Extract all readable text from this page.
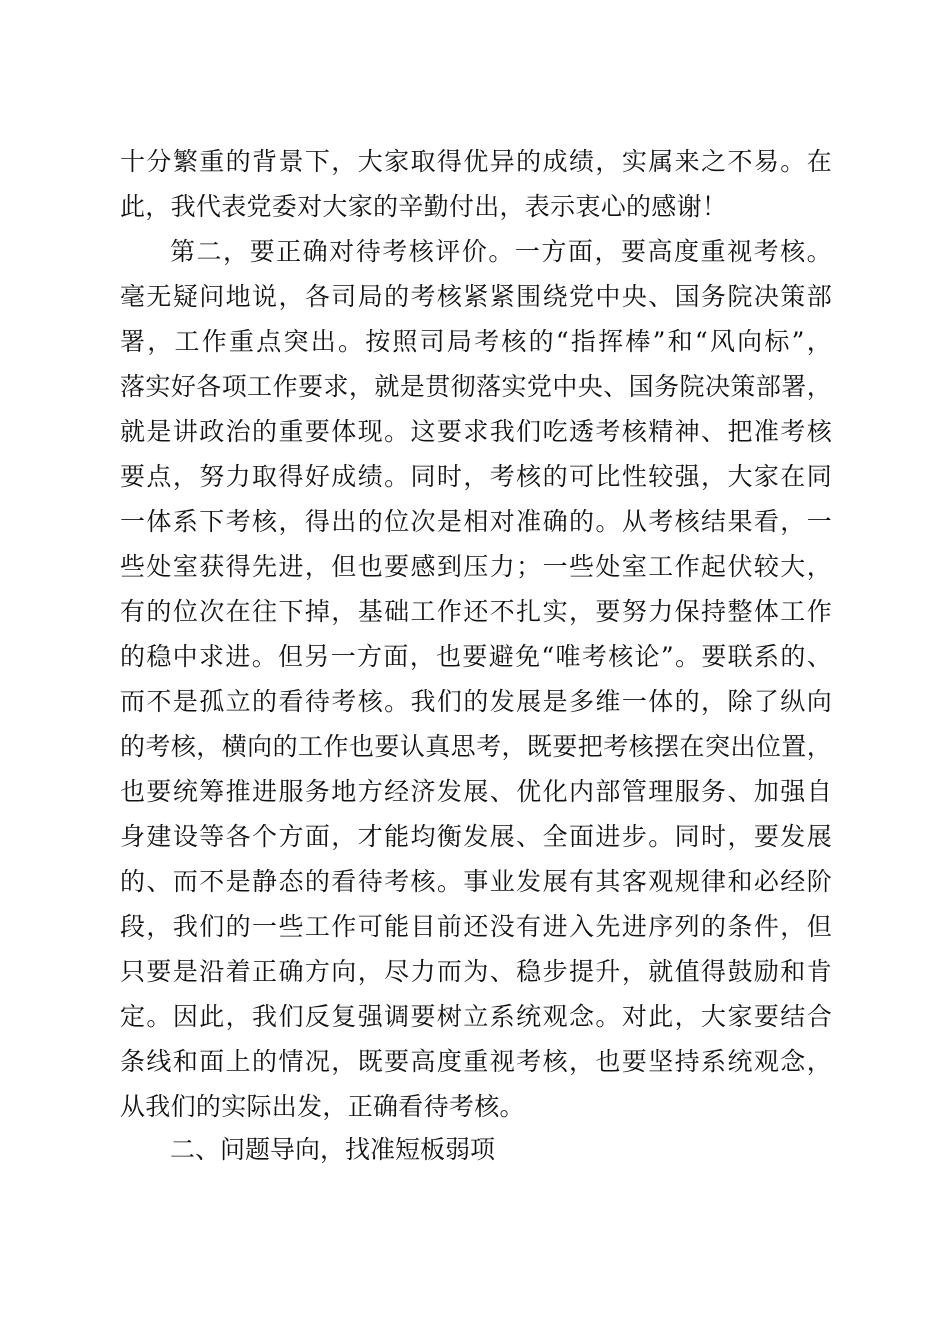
十分繁重的背景下，大家取得优异的成绩，实属来之不易。在
此，我代表党委对大家的辛勤付出，表示衷心的感谢！
第二，要正确对待考核评价。一方面，要高度重视考核。
毫无疑问地说，各司局的考核紧紧围绕党中央、国务院决策部
署，工作重点突出。按照司局考核的“指挥棒”和“风向标”，
落实好各项工作要求，就是贯彻落实党中央、国务院决策部署，
就是讲政治的重要体现。这要求我们吃透考核精神、把准考核
要点，努力取得好成绩。同时，考核的可比性较强，大家在同
一体系下考核，得出的位次是相对准确的。从考核结果看，一
些处室获得先进，但也要感到压力；一些处室工作起伏较大，
有的位次在往下掉，基础工作还不扎实，要努力保持整体工作
的稳中求进。但另一方面，也要避免“唯考核论”。要联系的、
而不是孤立的看待考核。我们的发展是多维一体的，除了纵向
的考核，横向的工作也要认真思考，既要把考核摆在突出位置，
也要统筹推进服务地方经济发展、优化内部管理服务、加强自
身建设等各个方面，才能均衡发展、全面进步。同时，要发展
的、而不是静态的看待考核。事业发展有其客观规律和必经阶
段，我们的一些工作可能目前还没有进入先进序列的条件，但
只要是沿着正确方向，尽力而为、稳步提升，就值得鼓励和肯
定。因此，我们反复强调要树立系统观念。对此，大家要结合
条线和面上的情况，既要高度重视考核，也要坚持系统观念，
从我们的实际出发，正确看待考核。
二、问题导向，找准短板弱项
